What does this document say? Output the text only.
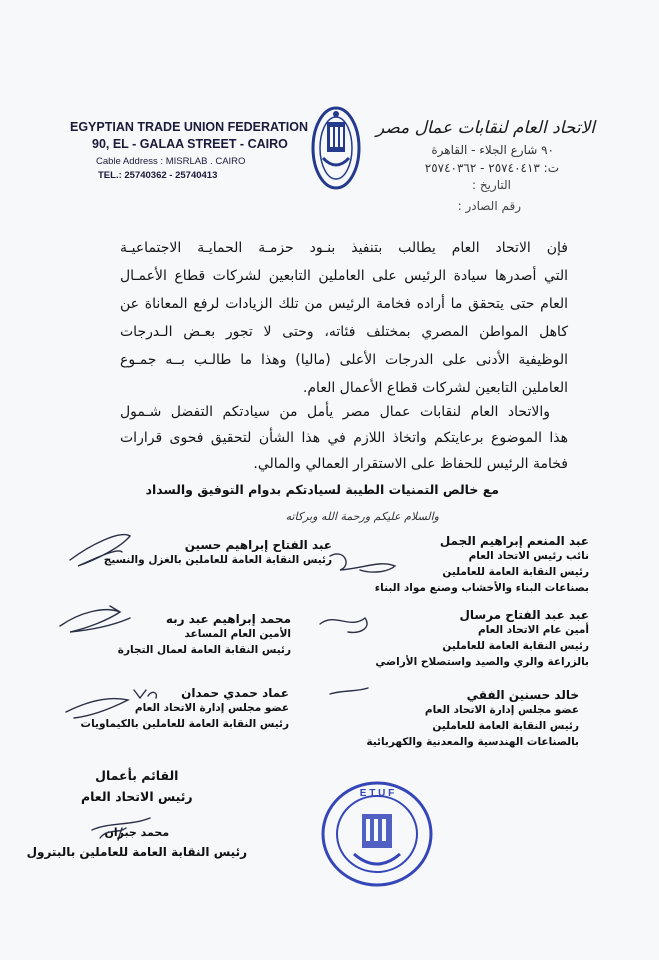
EGYPTIAN TRADE UNION FEDERATION
90, EL - GALAA STREET - CAIRO
Cable Address : MISRLAB . CAIRO
TEL.: 25740362 - 25740413
الاتحاد العام لنقابات عمال مصر
٩٠ شارع الجلاء - القاهرة
ت: ٢٥٧٤٠٤١٣ - ٢٥٧٤٠٣٦٢
التاريخ :
رقم الصادر :
فإن الاتحاد العام يطالب بتنفيذ بنـود حزمـة الحمايـة الاجتماعيـة
التي أصدرها سيادة الرئيس على العاملين التابعين لشركات قطاع الأعمـال
العام حتى يتحقق ما أراده فخامة الرئيس من تلك الزيادات لرفع المعاناة عن
كاهل المواطن المصري بمختلف فئاته، وحتى لا تجور بعـض الـدرجات
الوظيفية الأدنى على الدرجات الأعلى (ماليا) وهذا ما طالـب بــه جمـوع
العاملين التابعين لشركات قطاع الأعمال العام.
والاتحاد العام لنقابات عمال مصر يأمل من سيادتكم التفضل شـمول
هذا الموضوع برعايتكم واتخاذ اللازم في هذا الشأن لتحقيق فحوى قرارات
فخامة الرئيس للحفاظ على الاستقرار العمالي والمالي.
مع خالص التمنيات الطيبة لسيادتكم بدوام التوفيق والسداد
والسلام عليكم ورحمة الله وبركاته
عبد المنعم إبراهيم الجمل
نائب رئيس الاتحاد العام
رئيس النقابة العامة للعاملين
بصناعات البناء والأخشاب وصنع مواد البناء
عبد الفتاح إبراهيم حسين
رئيس النقابة العامة للعاملين بالغزل والنسيج
عبد عبد الفتاح مرسال
أمين عام الاتحاد العام
رئيس النقابة العامة للعاملين
بالزراعة والري والصيد واستصلاح الأراضي
محمد إبراهيم عبد ربه
الأمين العام المساعد
رئيس النقابة العامة لعمال التجارة
خالد حسنين الفقي
عضو مجلس إدارة الاتحاد العام
رئيس النقابة العامة للعاملين
بالصناعات الهندسية والمعدنية والكهربائية
عماد حمدي حمدان
عضو مجلس إدارة الاتحاد العام
رئيس النقابة العامة للعاملين بالكيماويات
القائم بأعمال
رئيس الاتحاد العام
محمد جبران
رئيس النقابة العامة للعاملين بالبترول
E T U F
